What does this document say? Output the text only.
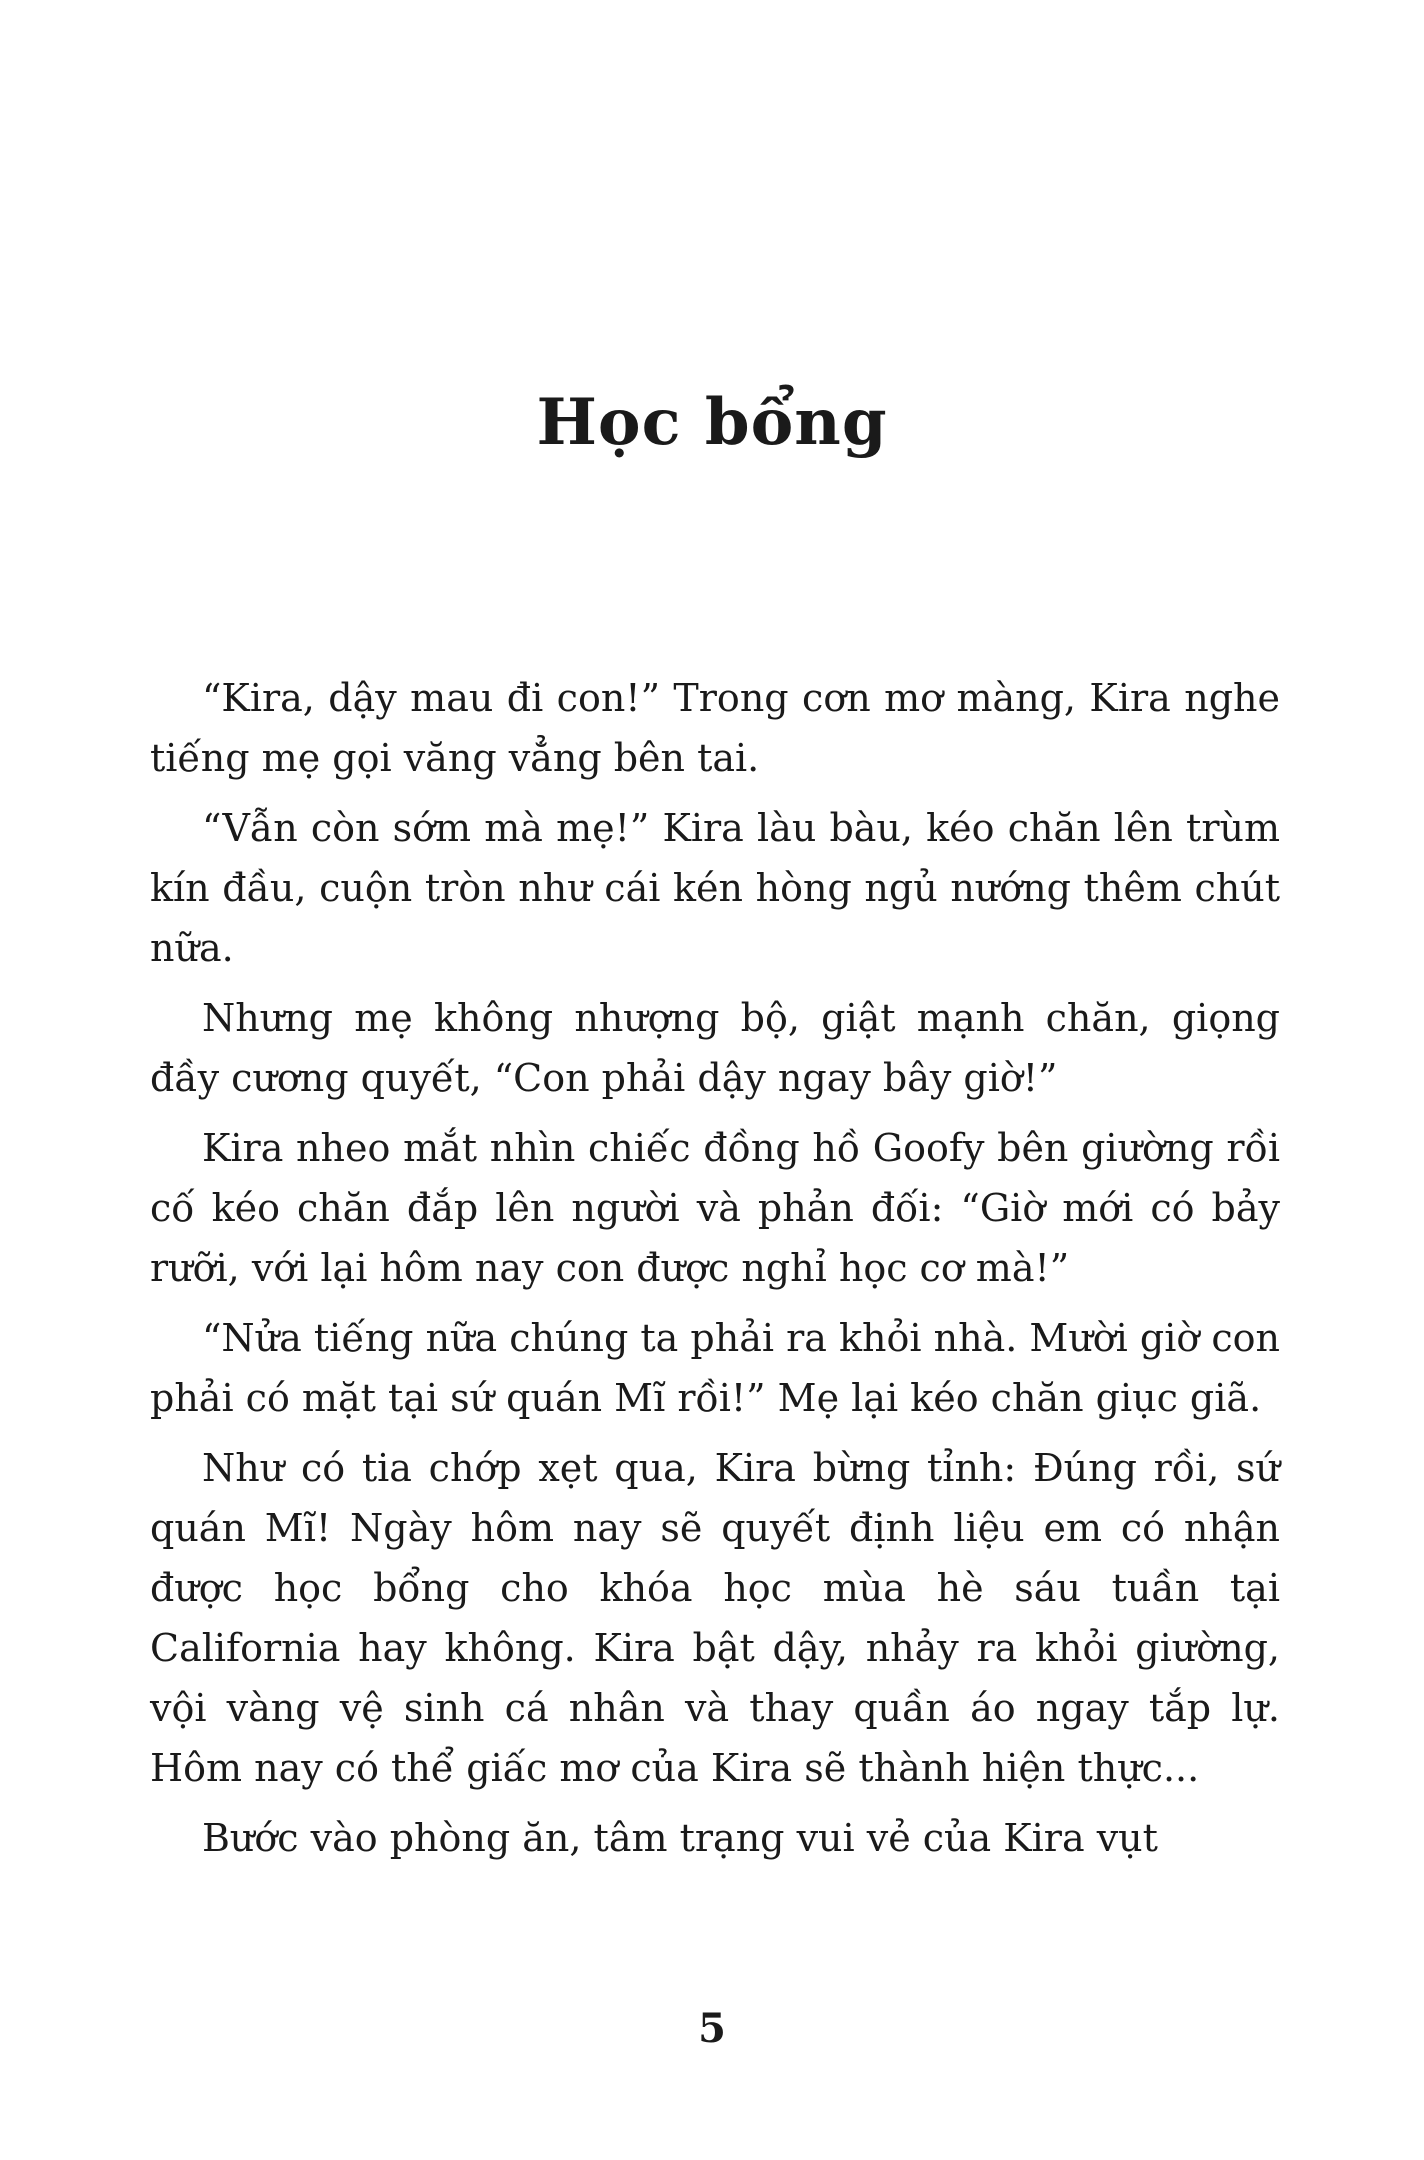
Học bổng

“Kira, dậy mau đi con!” Trong cơn mơ màng, Kira nghe tiếng mẹ gọi văng vẳng bên tai.

“Vẫn còn sớm mà mẹ!” Kira làu bàu, kéo chăn lên trùm kín đầu, cuộn tròn như cái kén hòng ngủ nướng thêm chút nữa.

Nhưng mẹ không nhượng bộ, giật mạnh chăn, giọng đầy cương quyết, “Con phải dậy ngay bây giờ!”

Kira nheo mắt nhìn chiếc đồng hồ Goofy bên giường rồi cố kéo chăn đắp lên người và phản đối: “Giờ mới có bảy rưỡi, với lại hôm nay con được nghỉ học cơ mà!”

“Nửa tiếng nữa chúng ta phải ra khỏi nhà. Mười giờ con phải có mặt tại sứ quán Mĩ rồi!” Mẹ lại kéo chăn giục giã.

Như có tia chớp xẹt qua, Kira bừng tỉnh: Đúng rồi, sứ quán Mĩ! Ngày hôm nay sẽ quyết định liệu em có nhận được học bổng cho khóa học mùa hè sáu tuần tại California hay không. Kira bật dậy, nhảy ra khỏi giường, vội vàng vệ sinh cá nhân và thay quần áo ngay tắp lự. Hôm nay có thể giấc mơ của Kira sẽ thành hiện thực...

Bước vào phòng ăn, tâm trạng vui vẻ của Kira vụt

5
